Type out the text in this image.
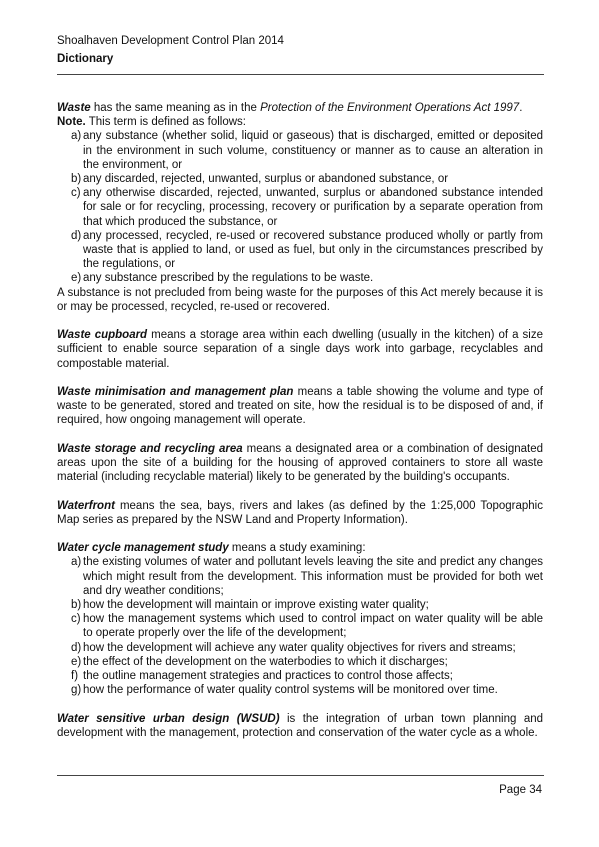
Shoalhaven Development Control Plan 2014
Dictionary

Waste has the same meaning as in the Protection of the Environment Operations Act 1997.

Note. This term is defined as follows:

a) any substance (whether solid, liquid or gaseous) that is discharged, emitted or deposited in the environment in such volume, constituency or manner as to cause an alteration in the environment, or
b) any discarded, rejected, unwanted, surplus or abandoned substance, or
c) any otherwise discarded, rejected, unwanted, surplus or abandoned substance intended for sale or for recycling, processing, recovery or purification by a separate operation from that which produced the substance, or
d) any processed, recycled, re-used or recovered substance produced wholly or partly from waste that is applied to land, or used as fuel, but only in the circumstances prescribed by the regulations, or
e) any substance prescribed by the regulations to be waste.

A substance is not precluded from being waste for the purposes of this Act merely because it is or may be processed, recycled, re-used or recovered.

Waste cupboard means a storage area within each dwelling (usually in the kitchen) of a size sufficient to enable source separation of a single days work into garbage, recyclables and compostable material.

Waste minimisation and management plan means a table showing the volume and type of waste to be generated, stored and treated on site, how the residual is to be disposed of and, if required, how ongoing management will operate.

Waste storage and recycling area means a designated area or a combination of designated areas upon the site of a building for the housing of approved containers to store all waste material (including recyclable material) likely to be generated by the building's occupants.

Waterfront means the sea, bays, rivers and lakes (as defined by the 1:25,000 Topographic Map series as prepared by the NSW Land and Property Information).

Water cycle management study means a study examining:

a) the existing volumes of water and pollutant levels leaving the site and predict any changes which might result from the development. This information must be provided for both wet and dry weather conditions;
b) how the development will maintain or improve existing water quality;
c) how the management systems which used to control impact on water quality will be able to operate properly over the life of the development;
d) how the development will achieve any water quality objectives for rivers and streams;
e) the effect of the development on the waterbodies to which it discharges;
f) the outline management strategies and practices to control those affects;
g) how the performance of water quality control systems will be monitored over time.

Water sensitive urban design (WSUD) is the integration of urban town planning and development with the management, protection and conservation of the water cycle as a whole.

Page 34
